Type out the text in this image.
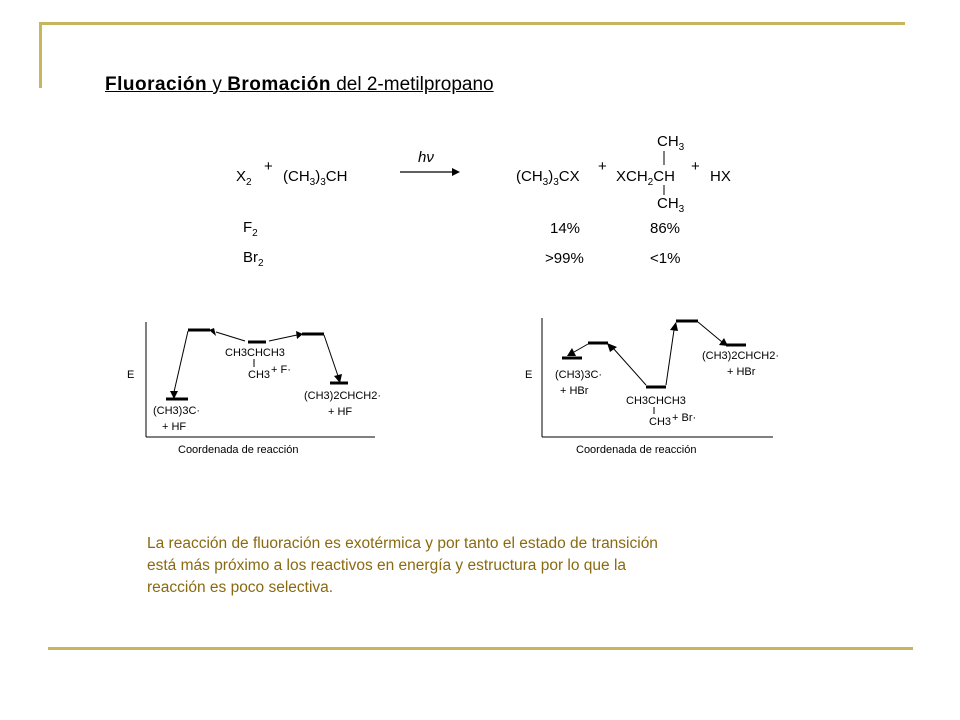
Fluoración y Bromación del 2-metilpropano
$X_2$
+
$(CH_3)_3CH$
hν
$(CH_3)_3CX$
+
$XCH_2CH$
$CH_3$
$CH_3$
+
HX
$F_2$	14%	86%
$Br_2$	>99%	<1%
E
Coordenada de reacción
CH3CHCH3
CH3 + F·
(CH3)3C·
+ HF
(CH3)2CHCH2·
+ HF
E
Coordenada de reacción
(CH3)3C·
+ HBr
CH3CHCH3
CH3 + Br·
(CH3)2CHCH2·
+ HBr

La reacción de fluoración es exotérmica y por tanto el estado de transición

está más próximo a los reactivos en energía y estructura por lo que la

reacción es poco selectiva.
